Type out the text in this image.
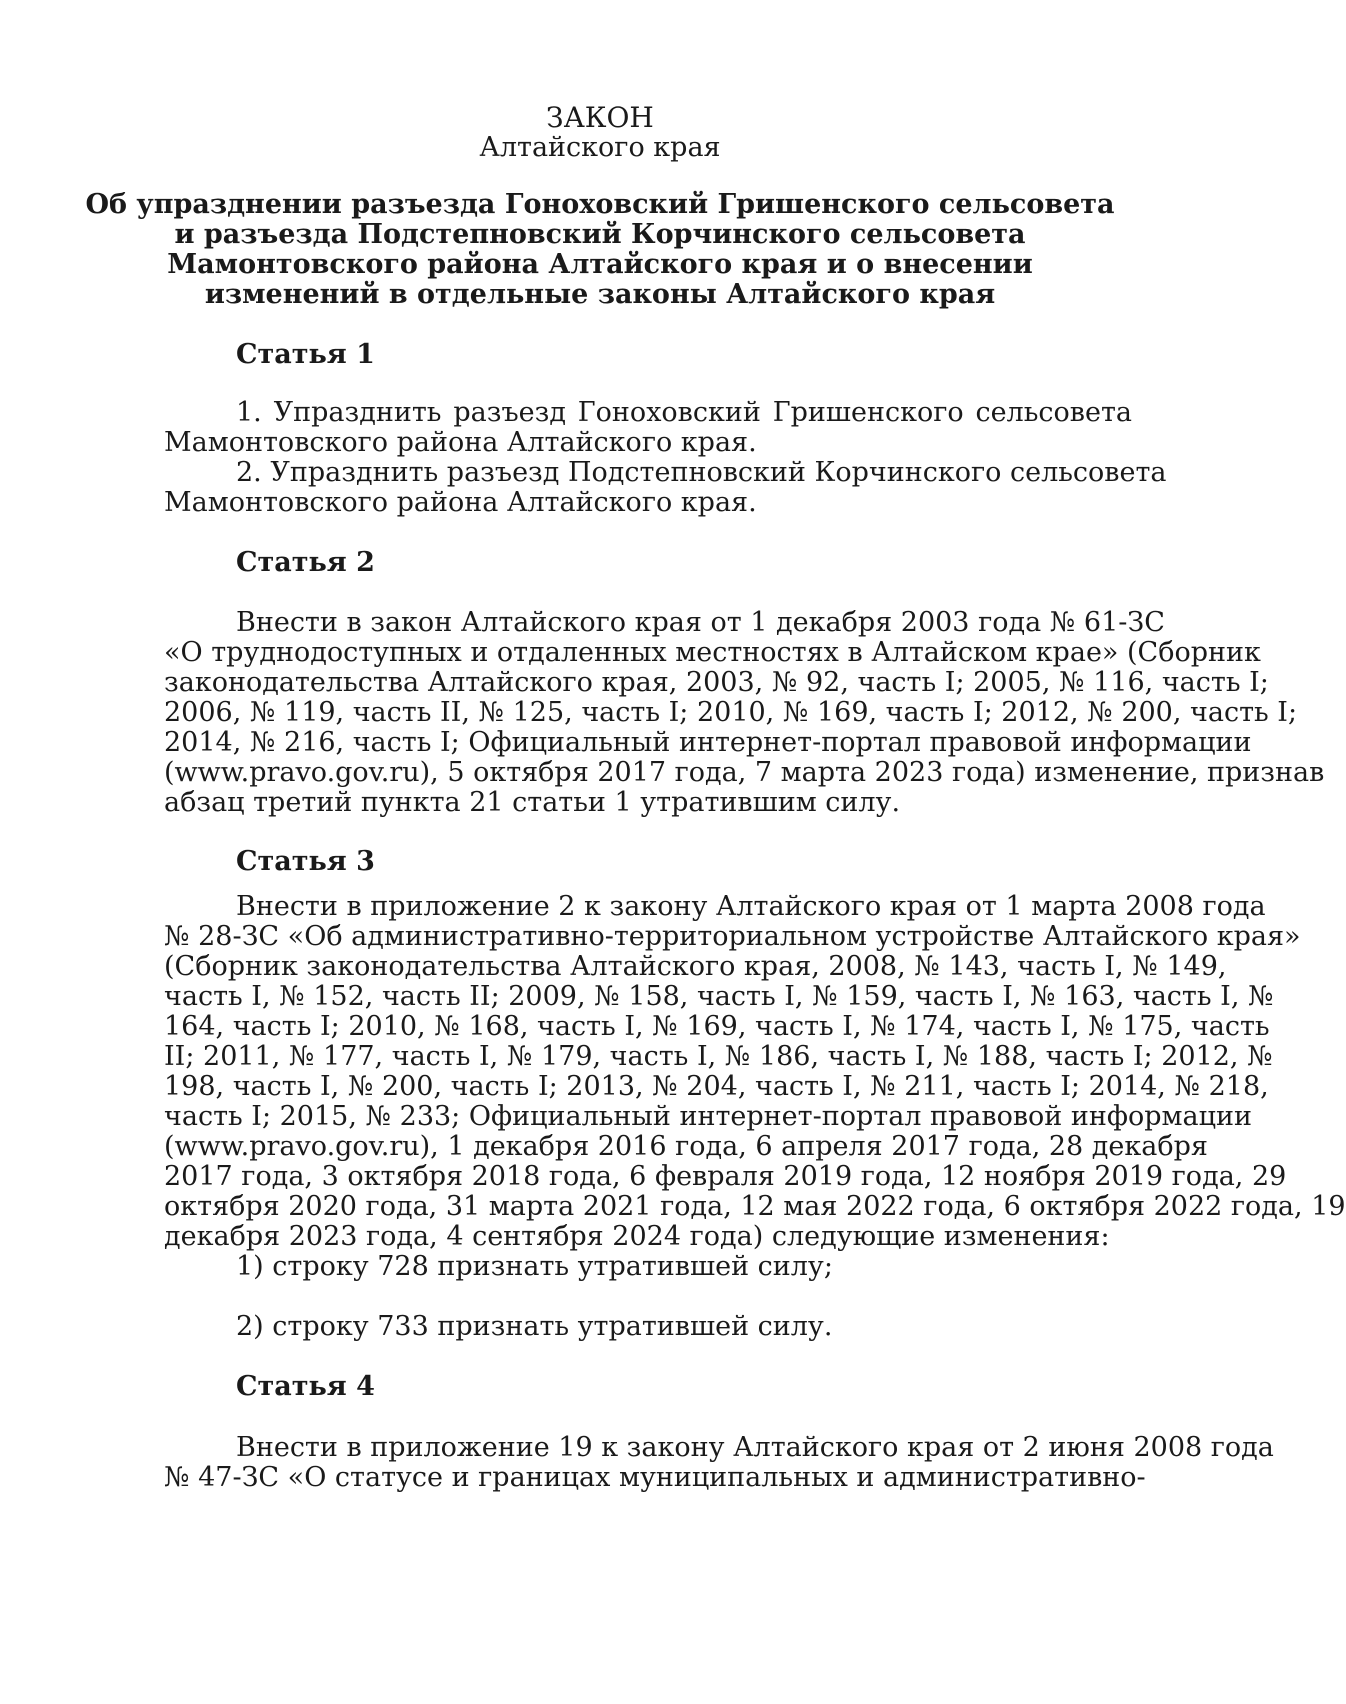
ЗАКОН

Алтайского края

Об упразднении разъезда Гоноховский Гришенского сельсовета

и разъезда Подстепновский Корчинского сельсовета

Мамонтовского района Алтайского края и о внесении

изменений в отдельные законы Алтайского края

Статья 1

1. Упразднить разъезд Гоноховский Гришенского сельсовета

Мамонтовского района Алтайского края.

2. Упразднить разъезд Подстепновский Корчинского сельсовета

Мамонтовского района Алтайского края.

Статья 2

Внести в закон Алтайского края от 1 декабря 2003 года № 61-ЗС

«О труднодоступных и отдаленных местностях в Алтайском крае» (Сборник

законодательства Алтайского края, 2003, № 92, часть I; 2005, № 116, часть I;

2006, № 119, часть II, № 125, часть I; 2010, № 169, часть I; 2012, № 200, часть I;

2014, № 216, часть I; Официальный интернет-портал правовой информации

(www.pravo.gov.ru), 5 октября 2017 года, 7 марта 2023 года) изменение, признав

абзац третий пункта 21 статьи 1 утратившим силу.

Статья 3

Внести в приложение 2 к закону Алтайского края от 1 марта 2008 года

№ 28-ЗС «Об административно-территориальном устройстве Алтайского края»

(Сборник законодательства Алтайского края, 2008, № 143, часть I, № 149,

часть I, № 152, часть II; 2009, № 158, часть I, № 159, часть I, № 163, часть I, №

164, часть I; 2010, № 168, часть I, № 169, часть I, № 174, часть I, № 175, часть

II; 2011, № 177, часть I, № 179, часть I, № 186, часть I, № 188, часть I; 2012, №

198, часть I, № 200, часть I; 2013, № 204, часть I, № 211, часть I; 2014, № 218,

часть I; 2015, № 233; Официальный интернет-портал правовой информации

(www.pravo.gov.ru), 1 декабря 2016 года, 6 апреля 2017 года, 28 декабря

2017 года, 3 октября 2018 года, 6 февраля 2019 года, 12 ноября 2019 года, 29

октября 2020 года, 31 марта 2021 года, 12 мая 2022 года, 6 октября 2022 года, 19

декабря 2023 года, 4 сентября 2024 года) следующие изменения:

1) строку 728 признать утратившей силу;

2) строку 733 признать утратившей силу.

Статья 4

Внести в приложение 19 к закону Алтайского края от 2 июня 2008 года

№ 47-ЗС «О статусе и границах муниципальных и административно-
